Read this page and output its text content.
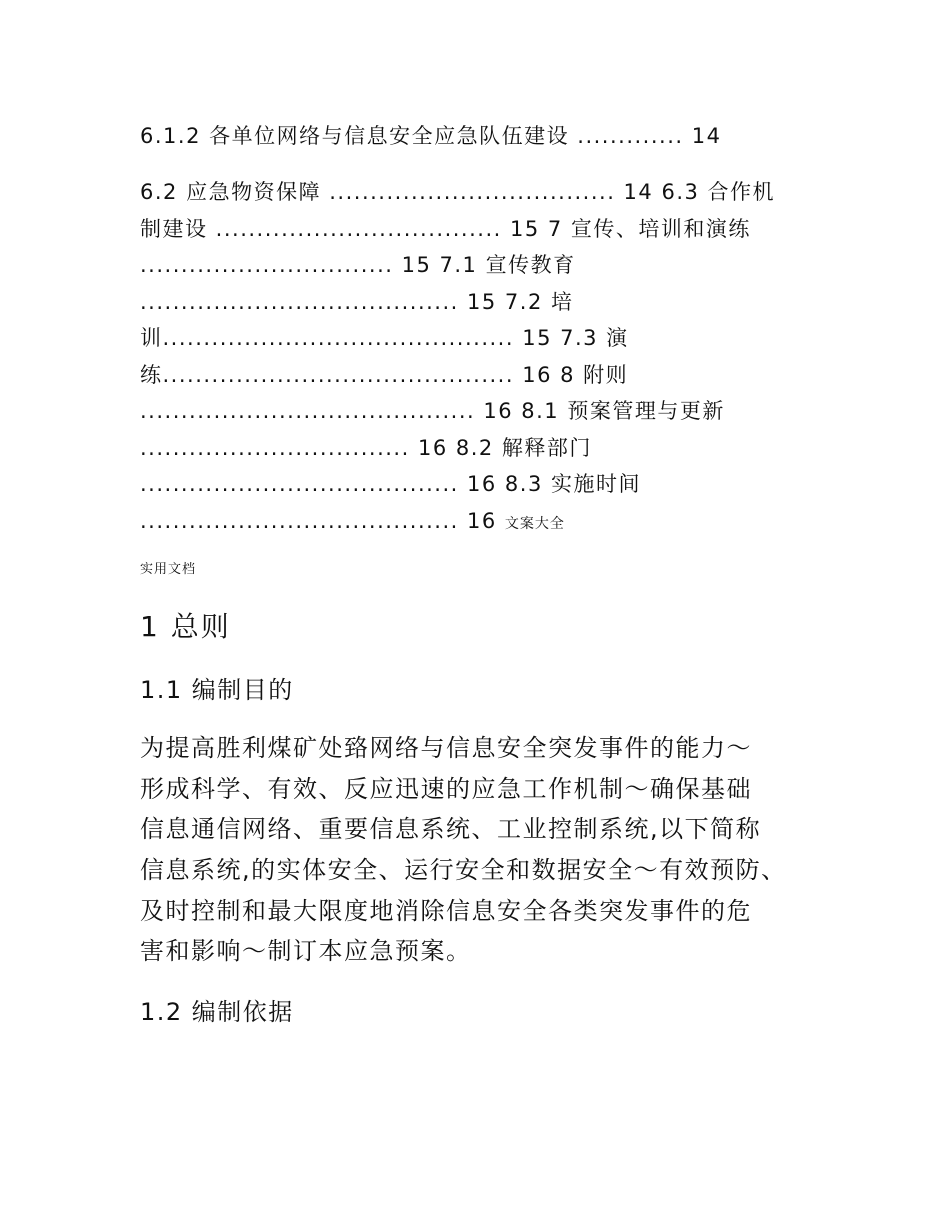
6.1.2 各单位网络与信息安全应急队伍建设 ............. 14
6.2 应急物资保障 ................................... 14 6.3 合作机
制建设 ................................... 15 7 宣传、培训和演练
............................... 15 7.1 宣传教育
....................................... 15 7.2 培
训........................................... 15 7.3 演
练........................................... 16 8 附则
......................................... 16 8.1 预案管理与更新
................................. 16 8.2 解释部门
....................................... 16 8.3 实施时间
....................................... 16 文案大全
实用文档
1 总则
1.1 编制目的
为提高胜利煤矿处臵网络与信息安全突发事件的能力～
形成科学、有效、反应迅速的应急工作机制～确保基础
信息通信网络、重要信息系统、工业控制系统,以下简称
信息系统,的实体安全、运行安全和数据安全～有效预防、
及时控制和最大限度地消除信息安全各类突发事件的危
害和影响～制订本应急预案。
1.2 编制依据
